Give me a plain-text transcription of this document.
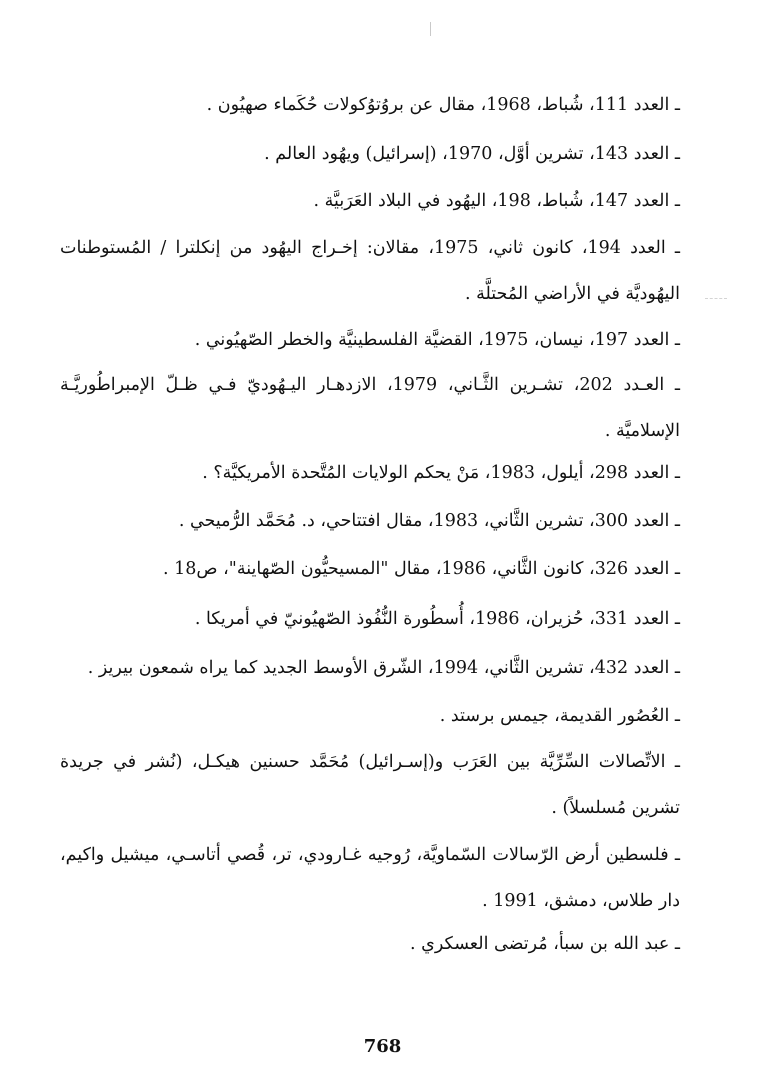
ـ العدد 111، شُباط، 1968، مقال عن بروُتوُكولات حُكَماء صهيُون .
ـ العدد 143، تشرين أوَّل، 1970، (إسرائيل) ويهُود العالم .
ـ العدد 147، شُباط، 198، اليهُود في البلاد العَرَبيَّة .
ـ العدد 194، كانون ثاني، 1975، مقالان: إخـراج اليهُود من إنكلترا / المُستوطنات اليهُوديَّة في الأراضي المُحتلَّة .
ـ العدد 197، نيسان، 1975، القضيَّة الفلسطينيَّة والخطر الصّهيُوني .
ـ العـدد 202، تشـرين الثَّـاني، 1979، الازدهـار اليـهُوديّ فـي ظـلّ الإمبراطُوريَّـة الإسلاميَّة .
ـ العدد 298، أيلول، 1983، مَنْ يحكم الولايات المُتَّحدة الأمريكيَّة؟ .
ـ العدد 300، تشرين الثَّاني، 1983، مقال افتتاحي، د. مُحَمَّد الرُّميحي .
ـ العدد 326، كانون الثَّاني، 1986، مقال "المسيحيُّون الصّهاينة"، ص18 .
ـ العدد 331، حُزيران، 1986، أُسطُورة النُّفُوذ الصّهيُونيّ في أمريكا .
ـ العدد 432، تشرين الثَّاني، 1994، الشّرق الأوسط الجديد كما يراه شمعون بيريز .
ـ العُصُور القديمة، جيمس برستد .
ـ الاتِّصالات السِّرِّيَّة بين العَرَب و(إسـرائيل) مُحَمَّد حسنين هيكـل، (نُشر في جريدة تشرين مُسلسلاً) .
ـ فلسطين أرض الرّسالات السّماويَّة، رُوجيه غـارودي، تر، قُصي أتاسـي، ميشيل واكيم، دار طلاس، دمشق، 1991 .
ـ عبد الله بن سبأ، مُرتضى العسكري .
768
